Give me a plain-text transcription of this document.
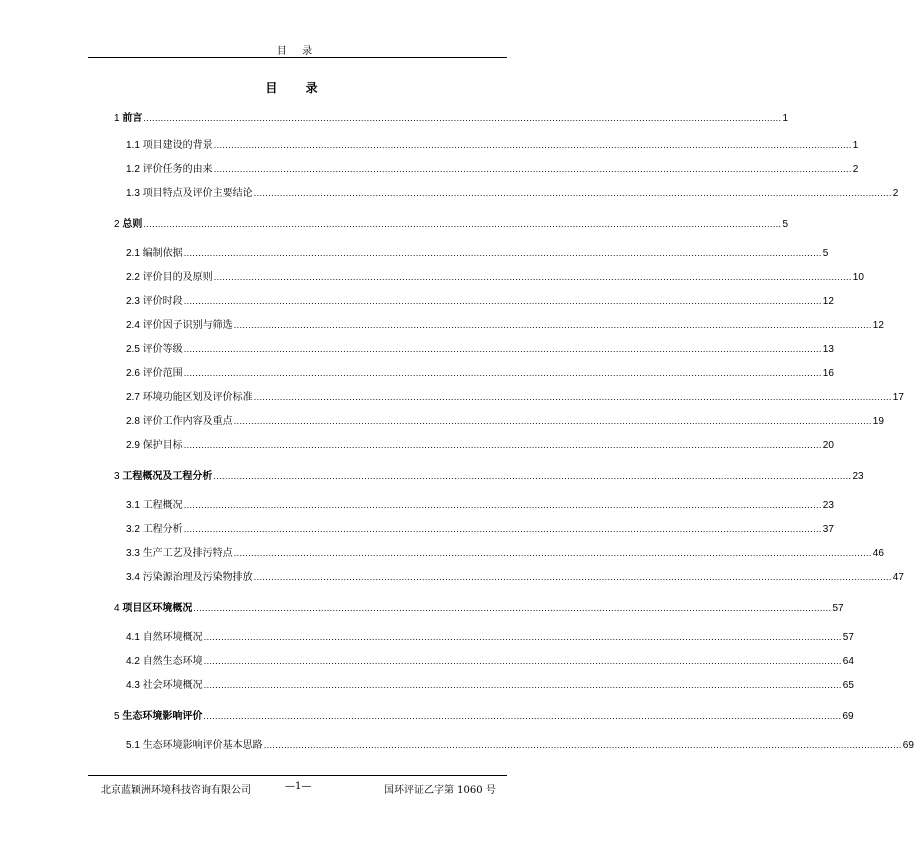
目 录
目 录
1 前言 ............................................................................................................................................................................................................................ 1
1.1 项目建设的背景 ............................................................................................................................................................................................................................ 1
1.2 评价任务的由来 ............................................................................................................................................................................................................................ 2
1.3 项目特点及评价主要结论 ............................................................................................................................................................................................................................ 2
2 总则 ............................................................................................................................................................................................................................ 5
2.1 编制依据 ............................................................................................................................................................................................................................ 5
2.2 评价目的及原则 ............................................................................................................................................................................................................................ 10
2.3 评价时段 ............................................................................................................................................................................................................................ 12
2.4 评价因子识别与筛选 ............................................................................................................................................................................................................................ 12
2.5 评价等级 ............................................................................................................................................................................................................................ 13
2.6 评价范围 ............................................................................................................................................................................................................................ 16
2.7 环境功能区划及评价标准 ............................................................................................................................................................................................................................ 17
2.8 评价工作内容及重点 ............................................................................................................................................................................................................................ 19
2.9 保护目标 ............................................................................................................................................................................................................................ 20
3 工程概况及工程分析 ............................................................................................................................................................................................................................ 23
3.1 工程概况 ............................................................................................................................................................................................................................ 23
3.2 工程分析 ............................................................................................................................................................................................................................ 37
3.3 生产工艺及排污特点 ............................................................................................................................................................................................................................ 46
3.4 污染源治理及污染物排放 ............................................................................................................................................................................................................................ 47
4 项目区环境概况 ............................................................................................................................................................................................................................ 57
4.1 自然环境概况 ............................................................................................................................................................................................................................ 57
4.2 自然生态环境 ............................................................................................................................................................................................................................ 64
4.3 社会环境概况 ............................................................................................................................................................................................................................ 65
5 生态环境影响评价 ............................................................................................................................................................................................................................ 69
5.1 生态环境影响评价基本思路 ............................................................................................................................................................................................................................ 69
北京蓝颖洲环境科技咨询有限公司	—1—	国环评证乙字第 1060 号
